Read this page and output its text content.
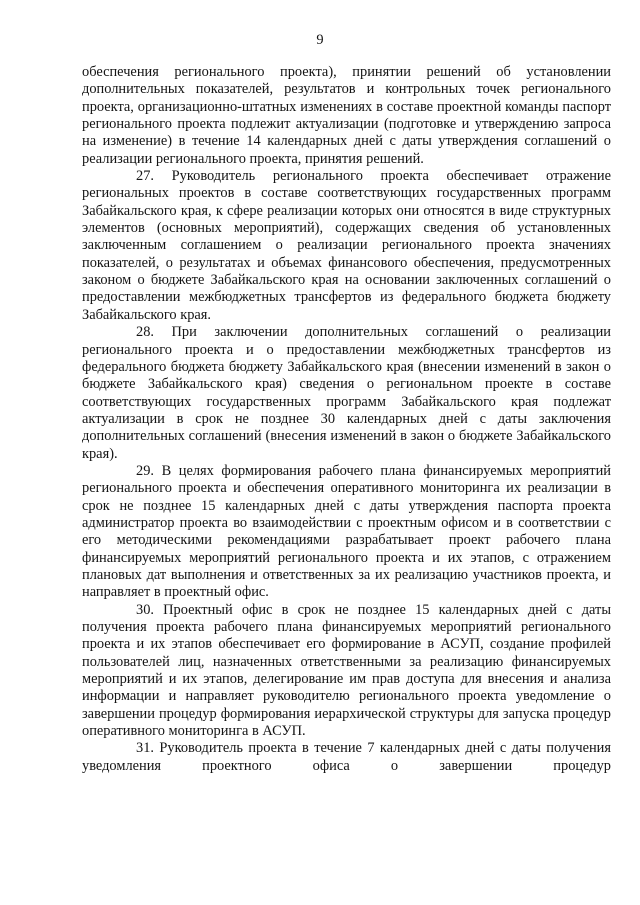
9

обеспечения регионального проекта), принятии решений об установлении дополнительных показателей, результатов и контрольных точек регионального проекта, организационно-штатных изменениях в составе проектной команды паспорт регионального проекта подлежит актуализации (подготовке и утверждению запроса на изменение) в течение 14 календарных дней с даты утверждения соглашений о реализации регионального проекта, принятия решений.

27. Руководитель регионального проекта обеспечивает отражение региональных проектов в составе соответствующих государственных программ Забайкальского края, к сфере реализации которых они относятся в виде структурных элементов (основных мероприятий), содержащих сведения об установленных заключенным соглашением о реализации регионального проекта значениях показателей, о результатах и объемах финансового обеспечения, предусмотренных законом о бюджете Забайкальского края на основании заключенных соглашений о предоставлении межбюджетных трансфертов из федерального бюджета бюджету Забайкальского края.

28. При заключении дополнительных соглашений о реализации регионального проекта и о предоставлении межбюджетных трансфертов из федерального бюджета бюджету Забайкальского края (внесении изменений в закон о бюджете Забайкальского края) сведения о региональном проекте в составе соответствующих государственных программ Забайкальского края подлежат актуализации в срок не позднее 30 календарных дней с даты заключения дополнительных соглашений (внесения изменений в закон о бюджете Забайкальского края).

29. В целях формирования рабочего плана финансируемых мероприятий регионального проекта и обеспечения оперативного мониторинга их реализации в срок не позднее 15 календарных дней с даты утверждения паспорта проекта администратор проекта во взаимодействии с проектным офисом и в соответствии с его методическими рекомендациями разрабатывает проект рабочего плана финансируемых мероприятий регионального проекта и их этапов, с отражением плановых дат выполнения и ответственных за их реализацию участников проекта, и направляет в проектный офис.

30. Проектный офис в срок не позднее 15 календарных дней с даты получения проекта рабочего плана финансируемых мероприятий регионального проекта и их этапов обеспечивает его формирование в АСУП, создание профилей пользователей лиц, назначенных ответственными за реализацию финансируемых мероприятий и их этапов, делегирование им прав доступа для внесения и анализа информации и направляет руководителю регионального проекта уведомление о завершении процедур формирования иерархической структуры для запуска процедур оперативного мониторинга в АСУП.

31. Руководитель проекта в течение 7 календарных дней с даты получения уведомления проектного офиса о завершении процедур
